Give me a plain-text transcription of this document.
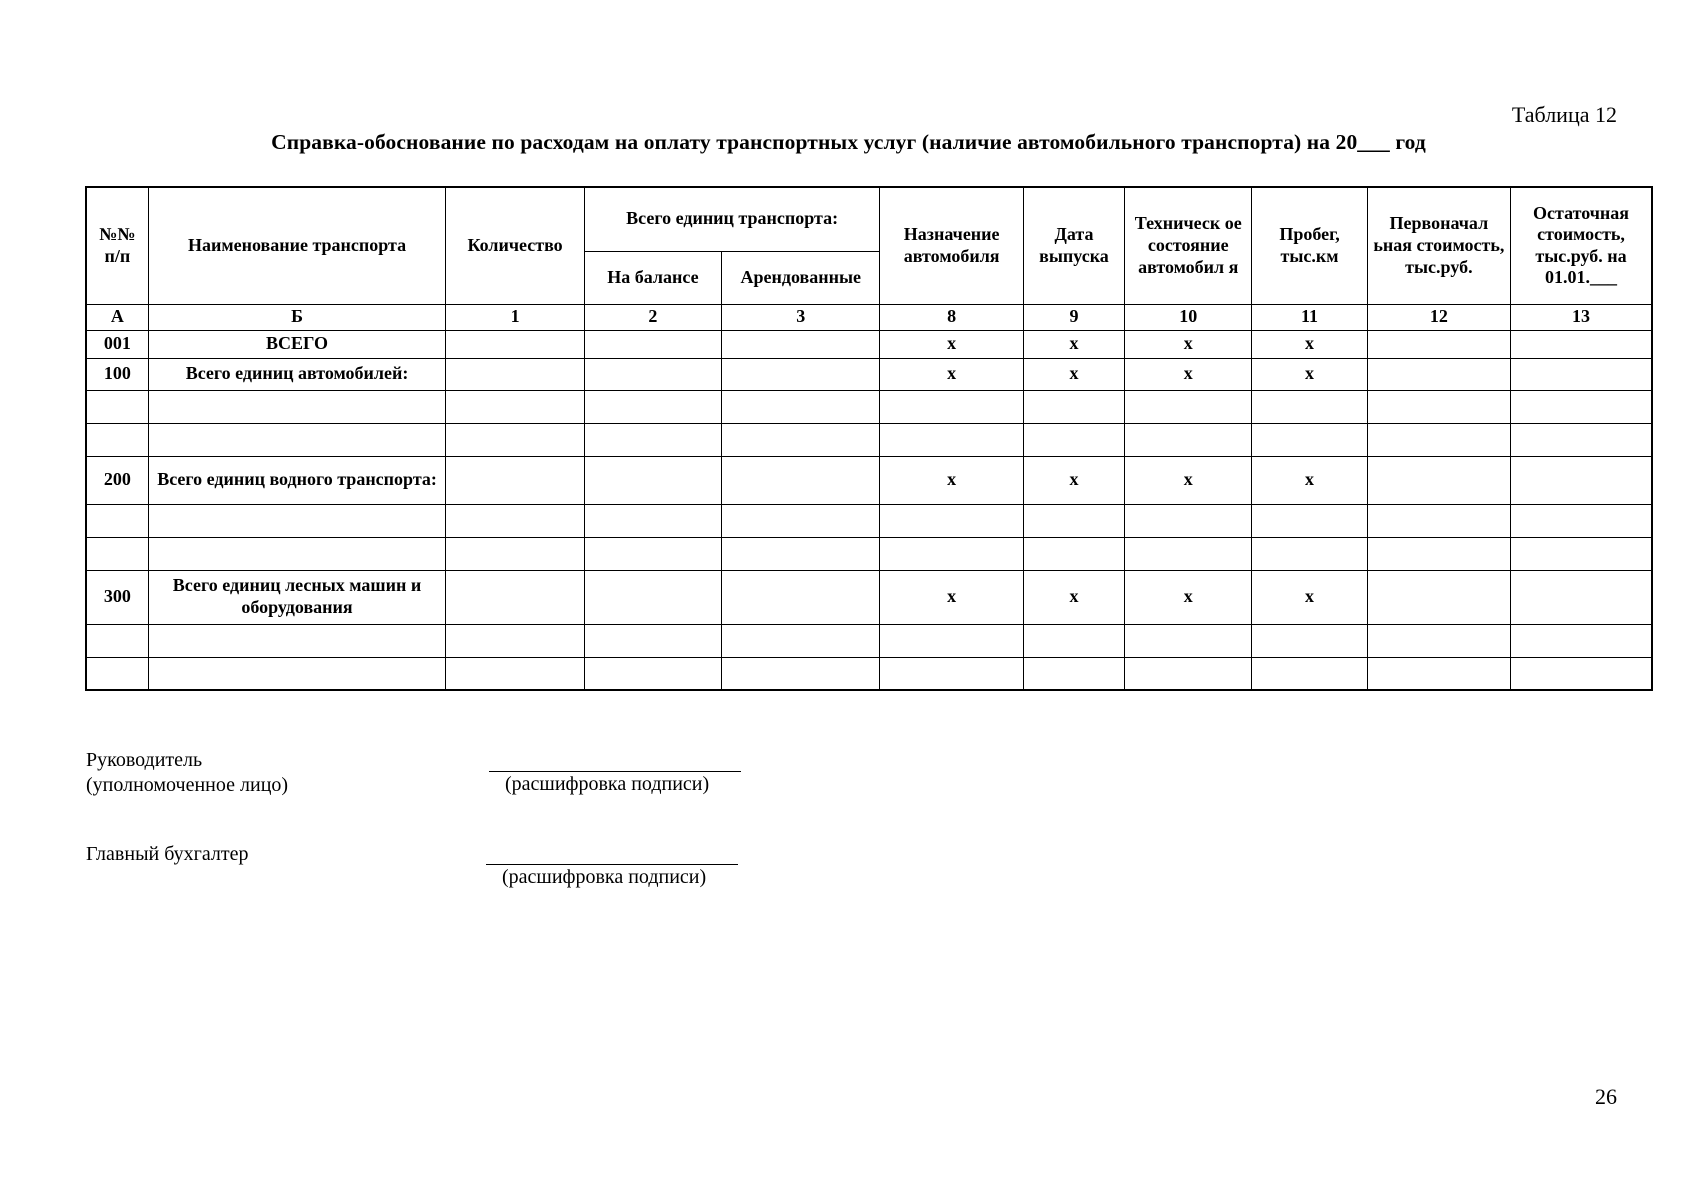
Таблица 12
Справка-обоснование по расходам на оплату транспортных услуг (наличие автомобильного транспорта) на 20___ год
№№ п/п	Наименование транспорта	Количество	Всего единиц транспорта:		Назначение автомобиля	Дата выпуска	Техническ ое состояние автомобил я	Пробег, тыс.км	Первоначал ьная стоимость, тыс.руб.	Остаточная стоимость, тыс.руб. на 01.01.___
			На балансе	Арендованные						
А	Б	1	2	3	8	9	10	11	12	13
001	ВСЕГО				х	х	х	х		
100	Всего единиц автомобилей:				х	х	х	х		

200	Всего единиц водного транспорта:				х	х	х	х		

300	Всего единиц лесных машин и оборудования				х	х	х	х		

Руководитель
(уполномоченное лицо)	(расшифровка подписи)
Главный бухгалтер
(расшифровка подписи)
26
